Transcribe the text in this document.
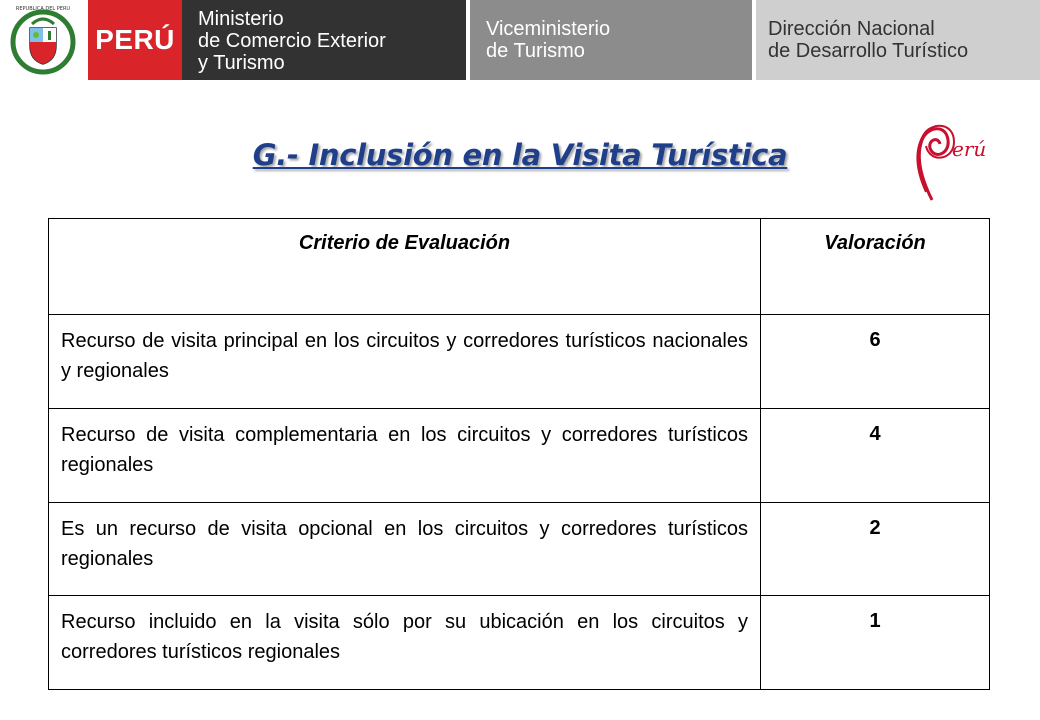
REPUBLICA DEL PERU
PERÚ
Ministerio
de Comercio Exterior
y Turismo
Viceministerio
de Turismo
Dirección Nacional
de Desarrollo Turístico
G.- Inclusión en la Visita Turística	erú
Criterio de Evaluación	Valoración
Recurso de visita principal en los circuitos y corredores turísticos nacionales y regionales	6
Recurso de visita complementaria en los circuitos y corredores turísticos regionales	4
Es un recurso de visita opcional en los circuitos y corredores turísticos regionales	2
Recurso incluido en la visita sólo por su ubicación en los circuitos y corredores turísticos regionales	1
